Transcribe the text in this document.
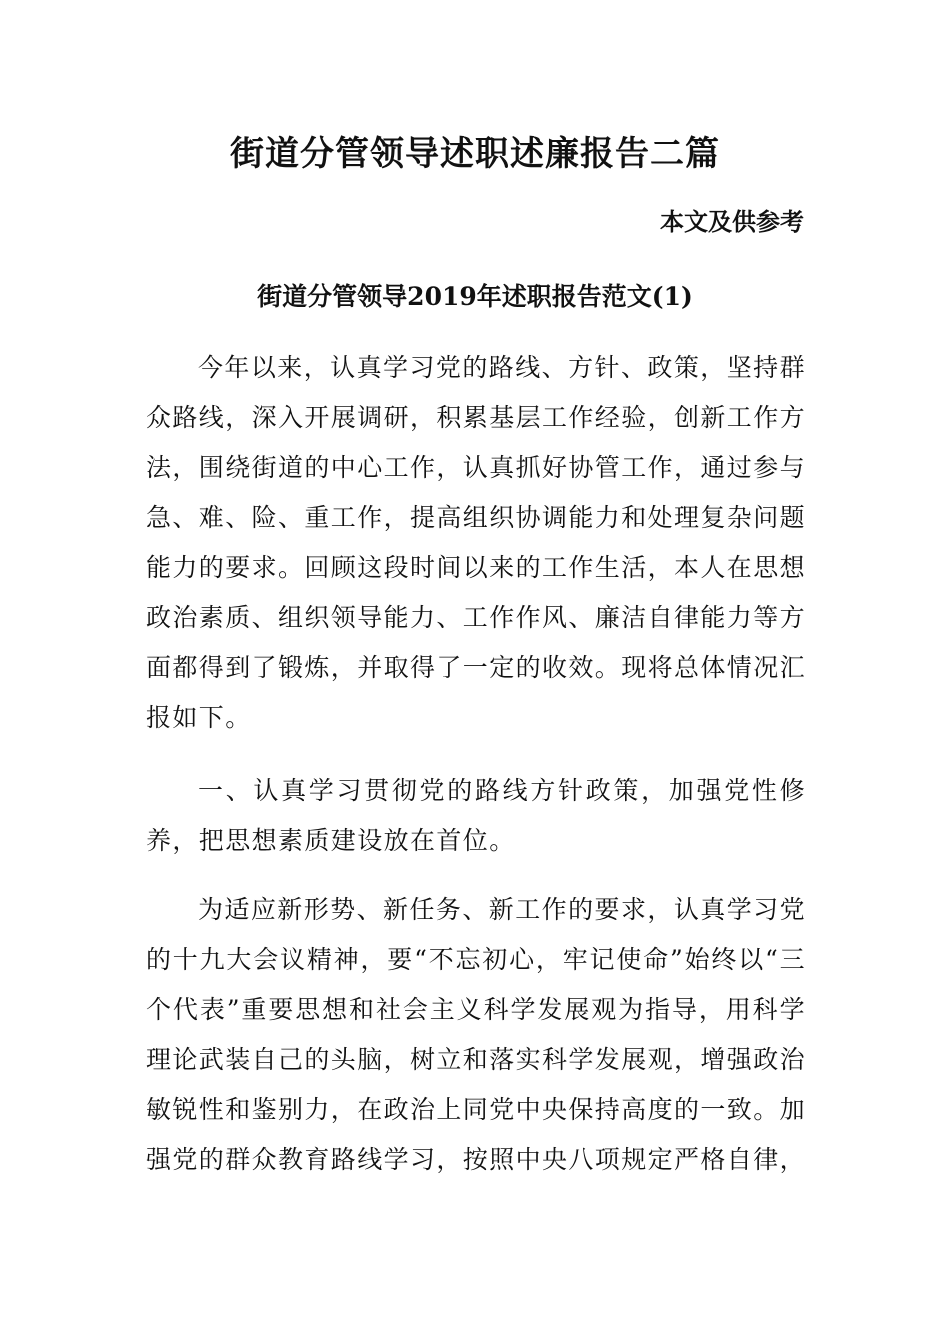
街道分管领导述职述廉报告二篇
本文及供参考
街道分管领导2019年述职报告范文(1)

今年以来，认真学习党的路线、方针、政策，坚持群众路线，深入开展调研，积累基层工作经验，创新工作方法，围绕街道的中心工作，认真抓好协管工作，通过参与急、难、险、重工作，提高组织协调能力和处理复杂问题能力的要求。回顾这段时间以来的工作生活，本人在思想政治素质、组织领导能力、工作作风、廉洁自律能力等方面都得到了锻炼，并取得了一定的收效。现将总体情况汇报如下。

一、认真学习贯彻党的路线方针政策，加强党性修养，把思想素质建设放在首位。

为适应新形势、新任务、新工作的要求，认真学习党的十九大会议精神，要“不忘初心，牢记使命”始终以“三个代表”重要思想和社会主义科学发展观为指导，用科学理论武装自己的头脑，树立和落实科学发展观，增强政治敏锐性和鉴别力，在政治上同党中央保持高度的一致。加强党的群众教育路线学习，按照中央八项规定严格自律，
